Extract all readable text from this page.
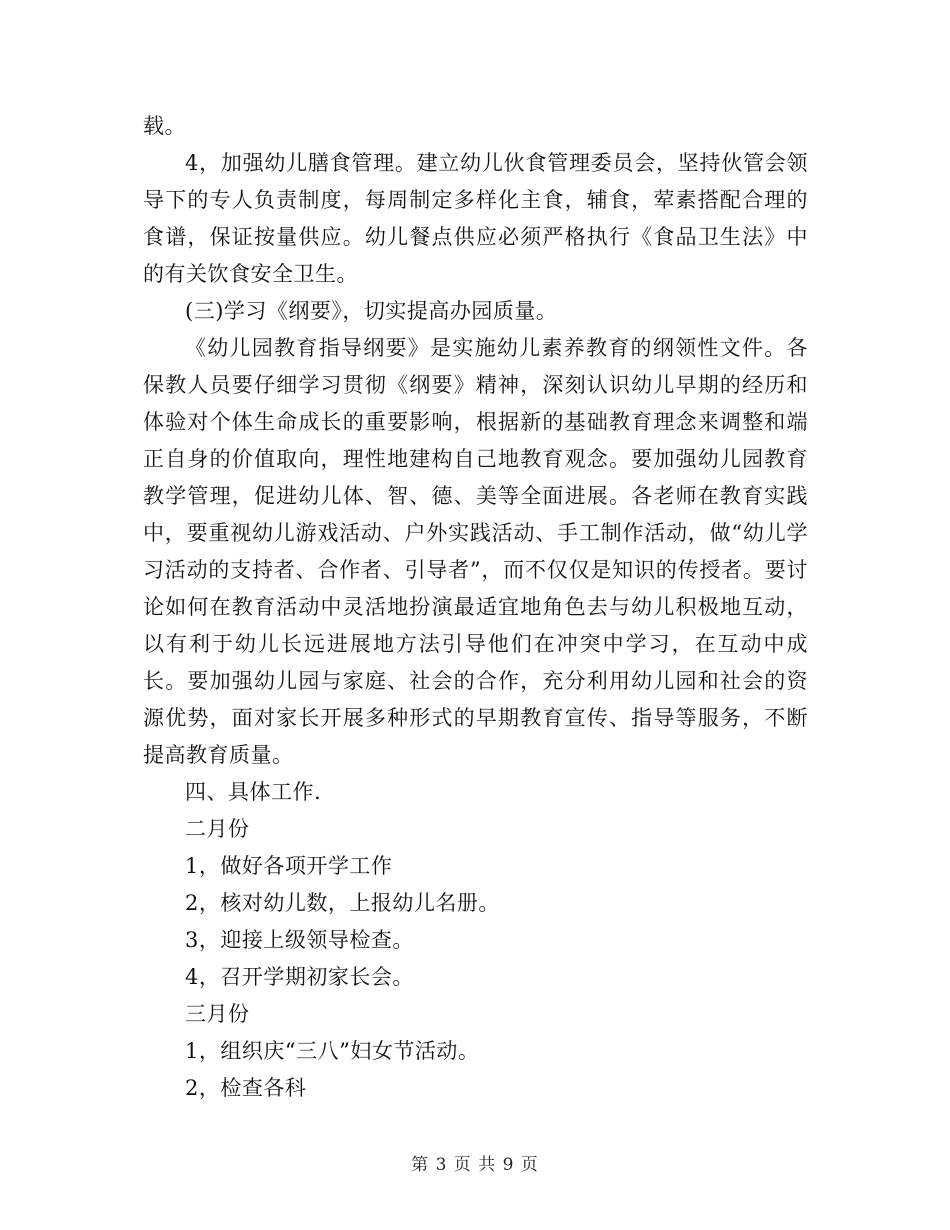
载。

4，加强幼儿膳食管理。建立幼儿伙食管理委员会，坚持伙管会领导下的专人负责制度，每周制定多样化主食，辅食，荤素搭配合理的食谱，保证按量供应。幼儿餐点供应必须严格执行《食品卫生法》中的有关饮食安全卫生。

(三)学习《纲要》，切实提高办园质量。

《幼儿园教育指导纲要》是实施幼儿素养教育的纲领性文件。各保教人员要仔细学习贯彻《纲要》精神，深刻认识幼儿早期的经历和体验对个体生命成长的重要影响，根据新的基础教育理念来调整和端正自身的价值取向，理性地建构自己地教育观念。要加强幼儿园教育教学管理，促进幼儿体、智、德、美等全面进展。各老师在教育实践中，要重视幼儿游戏活动、户外实践活动、手工制作活动，做“幼儿学习活动的支持者、合作者、引导者”，而不仅仅是知识的传授者。要讨论如何在教育活动中灵活地扮演最适宜地角色去与幼儿积极地互动，以有利于幼儿长远进展地方法引导他们在冲突中学习，在互动中成长。要加强幼儿园与家庭、社会的合作，充分利用幼儿园和社会的资源优势，面对家长开展多种形式的早期教育宣传、指导等服务，不断提高教育质量。

四、具体工作.

二月份

1，做好各项开学工作

2，核对幼儿数，上报幼儿名册。

3，迎接上级领导检查。

4，召开学期初家长会。

三月份

1，组织庆“三八”妇女节活动。

2，检查各科

第 3 页 共 9 页
